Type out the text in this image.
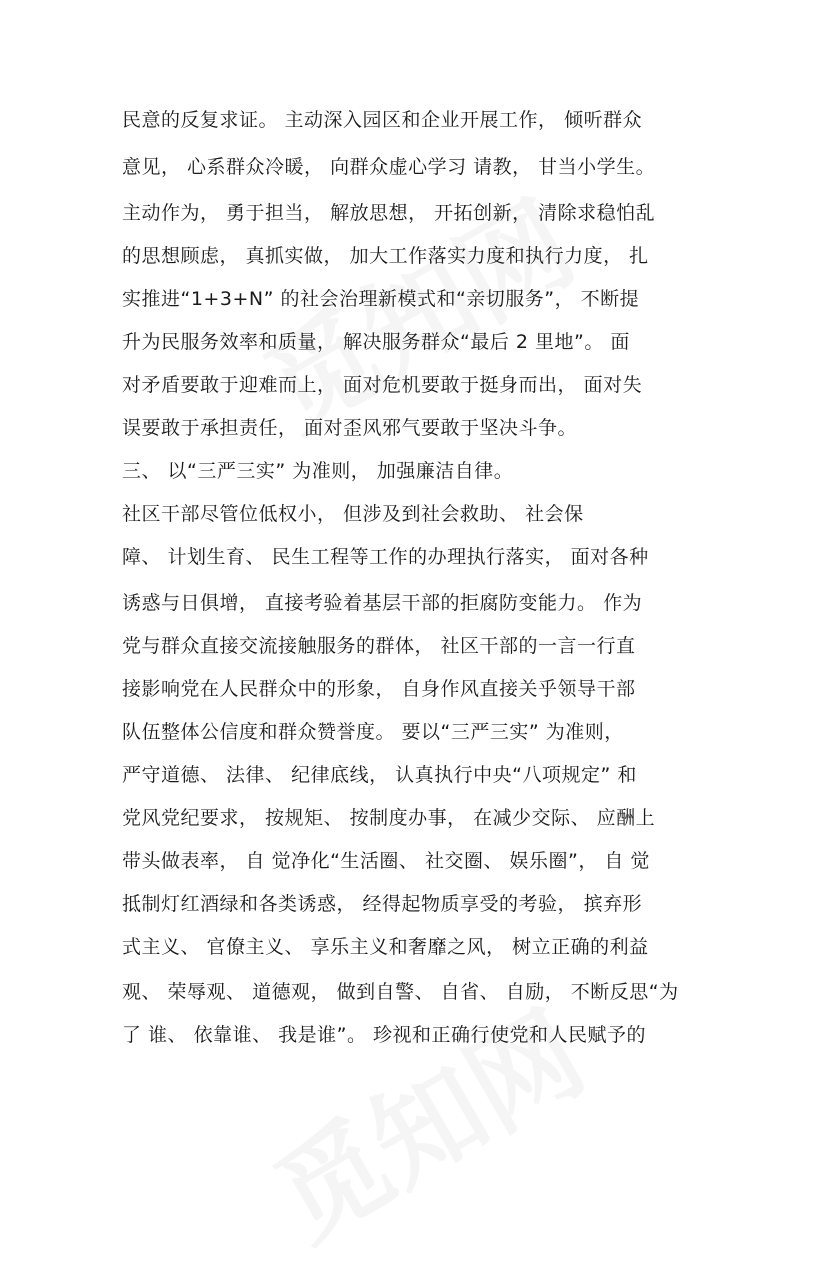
民意的反复求证。 主动深入园区和企业开展工作， 倾听群众
意见， 心系群众冷暖， 向群众虚心学习 请教， 甘当小学生。
主动作为， 勇于担当， 解放思想， 开拓创新， 清除求稳怕乱
的思想顾虑， 真抓实做， 加大工作落实力度和执行力度， 扎
实推进“1+3+N” 的社会治理新模式和“亲切服务”， 不断提
升为民服务效率和质量， 解决服务群众“最后 2 里地”。 面
对矛盾要敢于迎难而上， 面对危机要敢于挺身而出， 面对失
误要敢于承担责任， 面对歪风邪气要敢于坚决斗争。
三、 以“三严三实” 为准则， 加强廉洁自律。
社区干部尽管位低权小， 但涉及到社会救助、 社会保
障、 计划生育、 民生工程等工作的办理执行落实， 面对各种
诱惑与日俱增， 直接考验着基层干部的拒腐防变能力。 作为
党与群众直接交流接触服务的群体， 社区干部的一言一行直
接影响党在人民群众中的形象， 自身作风直接关乎领导干部
队伍整体公信度和群众赞誉度。 要以“三严三实” 为准则，
严守道德、 法律、 纪律底线， 认真执行中央“八项规定” 和
党风党纪要求， 按规矩、 按制度办事， 在减少交际、 应酬上
带头做表率， 自 觉净化“生活圈、 社交圈、 娱乐圈”， 自 觉
抵制灯红酒绿和各类诱惑， 经得起物质享受的考验， 摈弃形
式主义、 官僚主义、 享乐主义和奢靡之风， 树立正确的利益
观、 荣辱观、 道德观， 做到自警、 自省、 自励， 不断反思“为
了 谁、 依靠谁、 我是谁”。 珍视和正确行使党和人民赋予的
